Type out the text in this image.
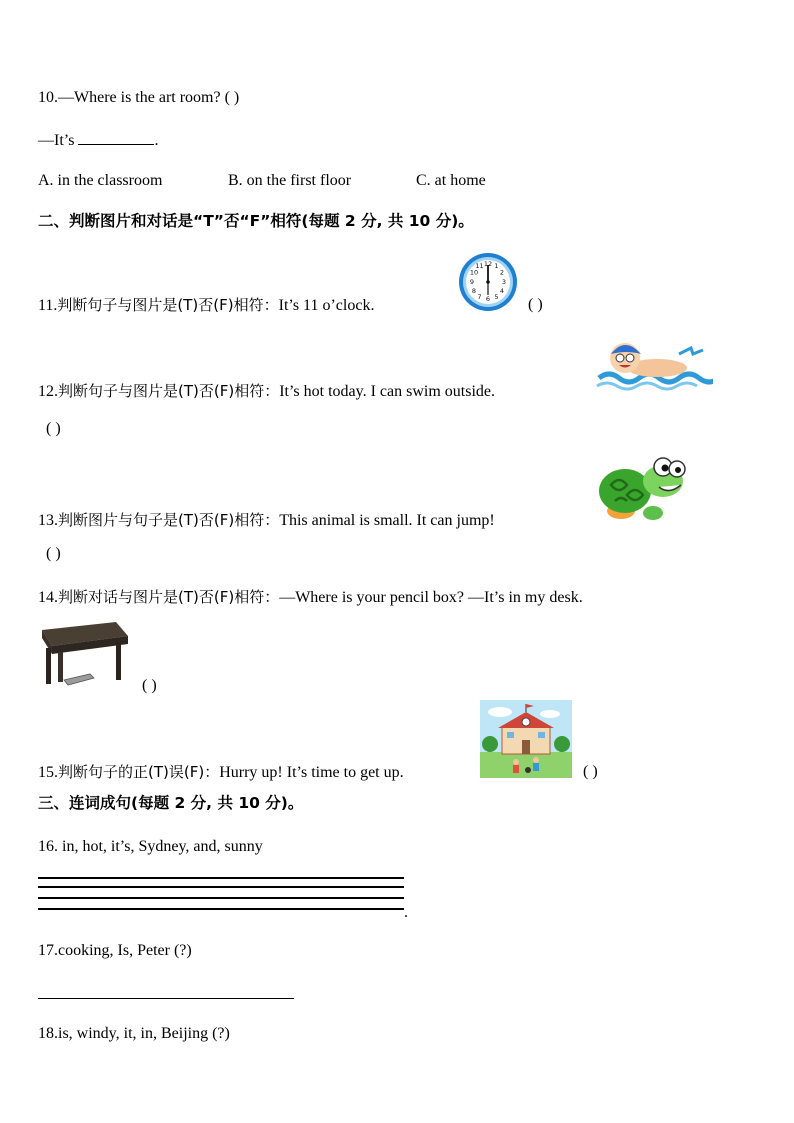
10.—Where is the art room? ( )
—It’s	.
A. in the classroom	B. on the first floor	C. at home
二、判断图片和对话是“T”否“F”相符(每题 2 分, 共 10 分)。
11.判断句子与图片是(T)否(F)相符：It’s 11 o’clock.
12 1
2
3
4
5
6
7
8
9
10
11
( )
12.判断句子与图片是(T)否(F)相符：It’s hot today. I can swim outside.
( )
13.判断图片与句子是(T)否(F)相符：This animal is small. It can jump!
( )
14.判断对话与图片是(T)否(F)相符：—Where is your pencil box? —It’s in my desk.
( )
15.判断句子的正(T)误(F)：Hurry up! It’s time to get up.	( )
三、连词成句(每题 2 分, 共 10 分)。
16. in, hot, it’s, Sydney, and, sunny
.
17.cooking, Is, Peter (?)
18.is, windy, it, in, Beijing (?)
